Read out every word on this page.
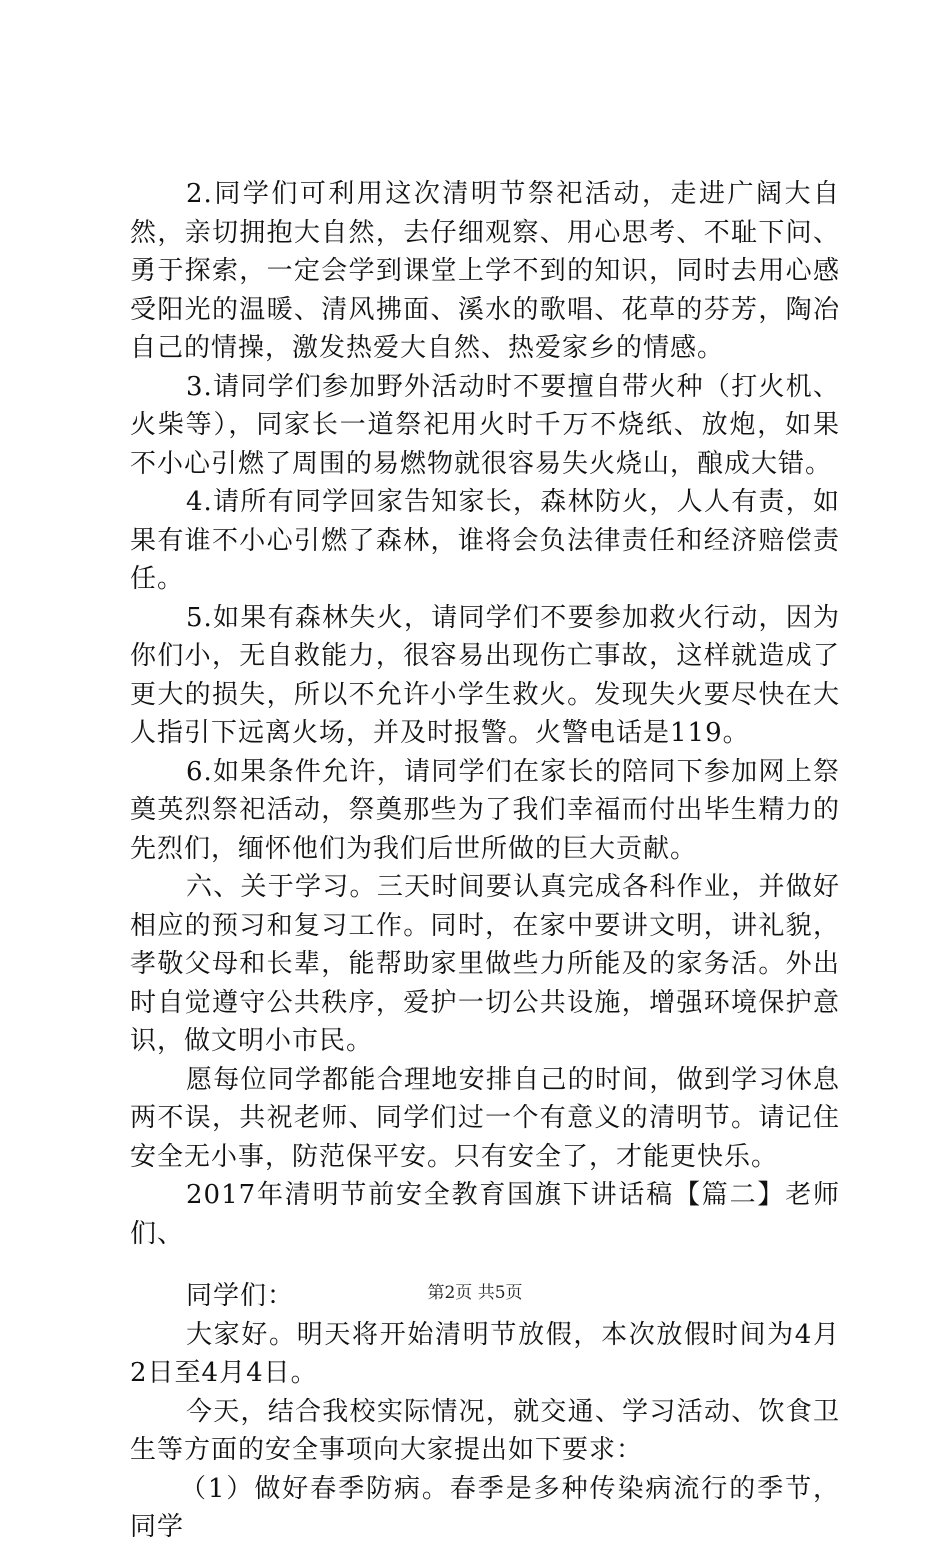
2.同学们可利用这次清明节祭祀活动，走进广阔大自然，亲切拥抱大自然，去仔细观察、用心思考、不耻下问、勇于探索，一定会学到课堂上学不到的知识，同时去用心感受阳光的温暖、清风拂面、溪水的歌唱、花草的芬芳，陶冶自己的情操，激发热爱大自然、热爱家乡的情感。

3.请同学们参加野外活动时不要擅自带火种（打火机、火柴等），同家长一道祭祀用火时千万不烧纸、放炮，如果不小心引燃了周围的易燃物就很容易失火烧山，酿成大错。

4.请所有同学回家告知家长，森林防火，人人有责，如果有谁不小心引燃了森林，谁将会负法律责任和经济赔偿责任。

5.如果有森林失火，请同学们不要参加救火行动，因为你们小，无自救能力，很容易出现伤亡事故，这样就造成了更大的损失，所以不允许小学生救火。发现失火要尽快在大人指引下远离火场，并及时报警。火警电话是119。

6.如果条件允许，请同学们在家长的陪同下参加网上祭奠英烈祭祀活动，祭奠那些为了我们幸福而付出毕生精力的先烈们，缅怀他们为我们后世所做的巨大贡献。

六、关于学习。三天时间要认真完成各科作业，并做好相应的预习和复习工作。同时，在家中要讲文明，讲礼貌，孝敬父母和长辈，能帮助家里做些力所能及的家务活。外出时自觉遵守公共秩序，爱护一切公共设施，增强环境保护意识，做文明小市民。

愿每位同学都能合理地安排自己的时间，做到学习休息两不误，共祝老师、同学们过一个有意义的清明节。请记住安全无小事，防范保平安。只有安全了，才能更快乐。

2017年清明节前安全教育国旗下讲话稿【篇二】老师们、

同学们：

大家好。明天将开始清明节放假，本次放假时间为4月2日至4月4日。

今天，结合我校实际情况，就交通、学习活动、饮食卫生等方面的安全事项向大家提出如下要求：

（1）做好春季防病。春季是多种传染病流行的季节，同学

第2页 共5页
